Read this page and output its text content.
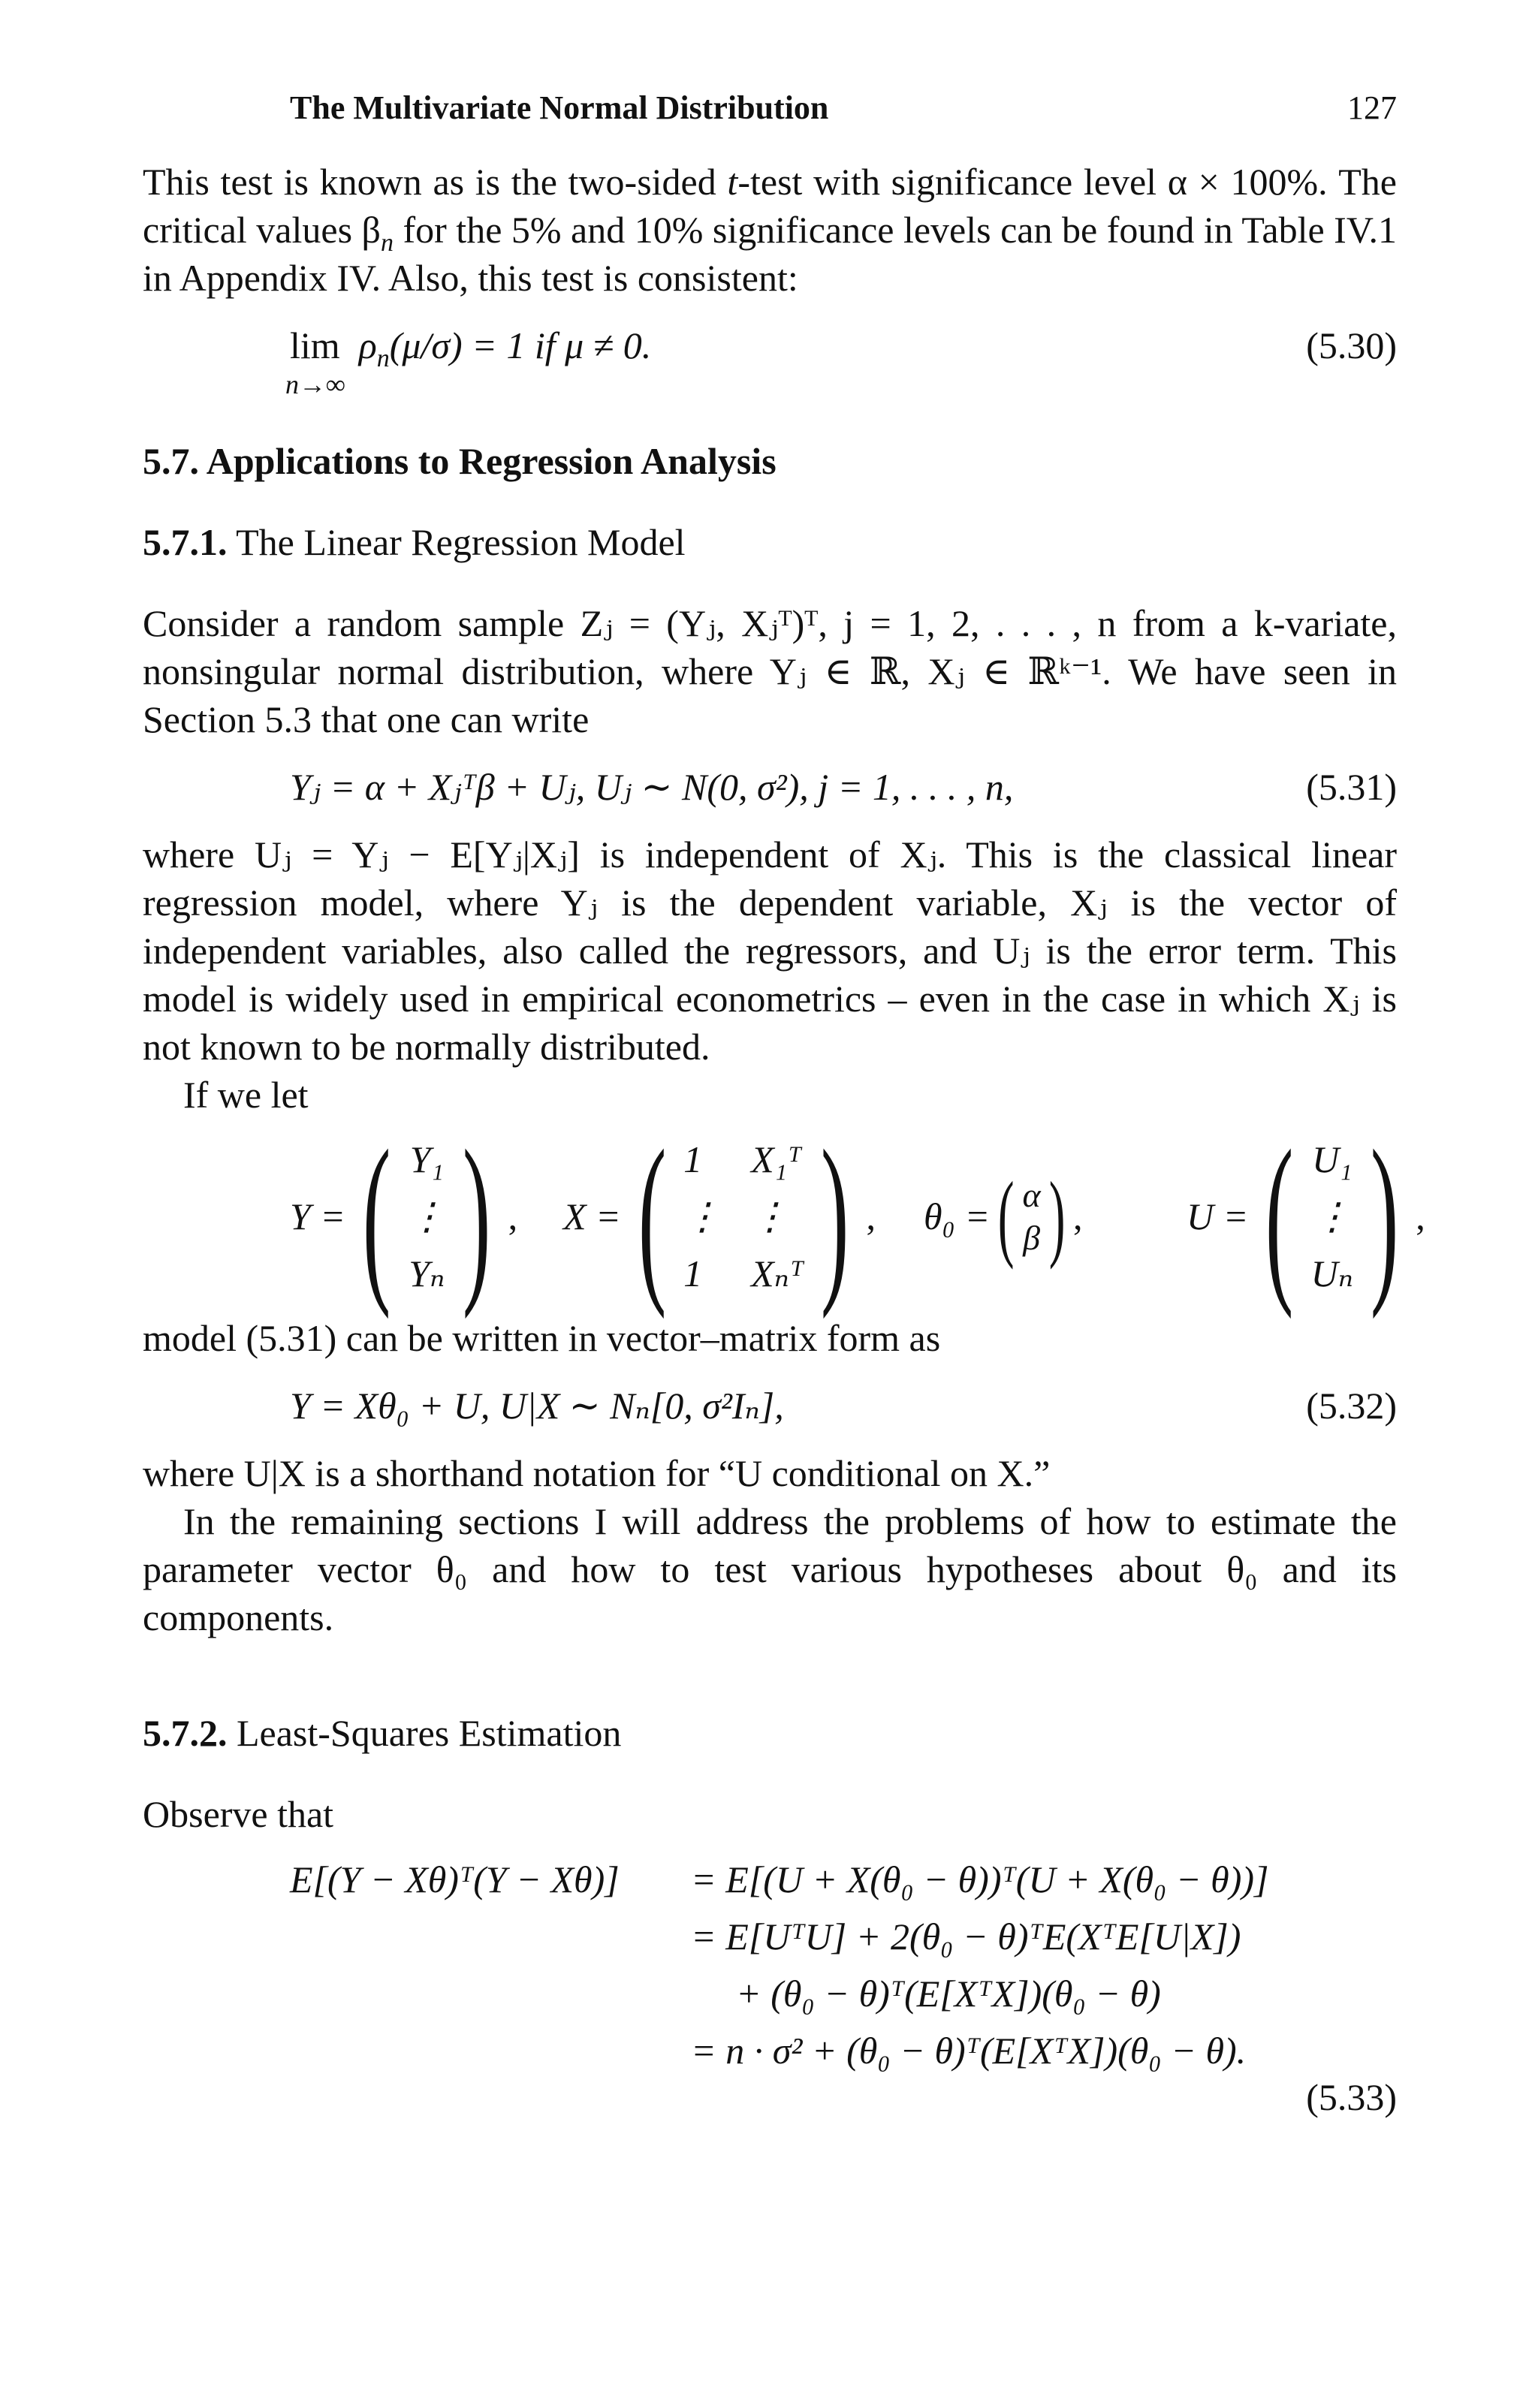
The Multivariate Normal Distribution	127

This test is known as is the two-sided t-test with significance level α × 100%. The critical values $\beta_n$ for the 5% and 10% significance levels can be found in Table IV.1 in Appendix IV. Also, this test is consistent:

lim
n→∞
$\rho_n(\mu/\sigma) = 1$ if μ ≠ 0.	(5.30)
5.7. Applications to Regression Analysis
5.7.1. The Linear Regression Model

Consider a random sample Zⱼ = (Yⱼ, Xⱼᵀ)ᵀ, j = 1, 2, . . . , n from a k-variate, nonsingular normal distribution, where Yⱼ ∈ ℝ, Xⱼ ∈ ℝᵏ⁻¹. We have seen in Section 5.3 that one can write

Yⱼ = α + Xⱼᵀβ + Uⱼ, Uⱼ ∼ N(0, σ²), j = 1, . . . , n,	(5.31)

where Uⱼ = Yⱼ − E[Yⱼ|Xⱼ] is independent of Xⱼ. This is the classical linear regression model, where Yⱼ is the dependent variable, Xⱼ is the vector of independent variables, also called the regressors, and Uⱼ is the error term. This model is widely used in empirical econometrics – even in the case in which Xⱼ is not known to be normally distributed.

If we let

Y = ( Y₁
⋮
Yₙ ) , X = ( 1	X₁ᵀ
⋮ ⋮
1	Xₙᵀ ) , θ₀ = ( α
β ) ,	U = ( U₁
⋮
Uₙ ) ,

model (5.31) can be written in vector–matrix form as

Y = Xθ₀ + U, U|X ∼ Nₙ[0, σ²Iₙ],	(5.32)

where U|X is a shorthand notation for “U conditional on X.”

In the remaining sections I will address the problems of how to estimate the parameter vector θ₀ and how to test various hypotheses about θ₀ and its components.

5.7.2. Least-Squares Estimation

Observe that

E[(Y − Xθ)ᵀ(Y − Xθ)] = E[(U + X(θ₀ − θ))ᵀ(U + X(θ₀ − θ))]
= E[UᵀU] + 2(θ₀ − θ)ᵀE(XᵀE[U|X])
+ (θ₀ − θ)ᵀ(E[XᵀX])(θ₀ − θ)
= n · σ² + (θ₀ − θ)ᵀ(E[XᵀX])(θ₀ − θ).
(5.33)
